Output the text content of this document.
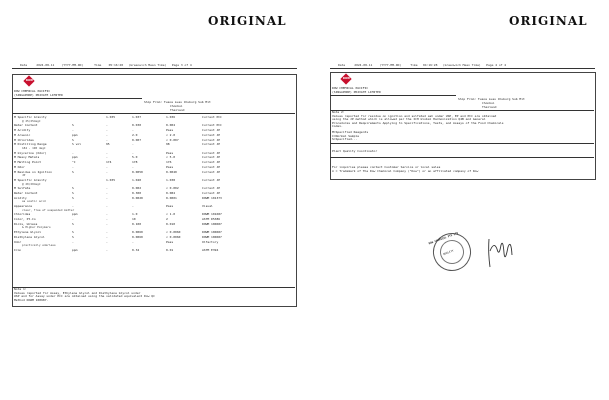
ORIGINAL
Date	2024-08-11 (YYYY-MM-DD)	Time 05:16:28 (Greenwich Mean Time) Page 3 of 4
DOW
DOW CHEMICAL PACIFIC
(SINGAPORE) PRIVATE LIMITED
Ship From: Tuaoa Luau Chuburg Sub Mit
Chonbui
Thailand
M Specific Gravity	1.035	1.037	1.036	Current PCC
@ 25/25degC
Water Content	%	-	0.030	0.004	Current PCC
M Acidity	-	-	-	Pass	Current JP
M Arsenic	ppm	-	2.0	< 2.0	Current JP
M Chlorides	%	-	0.007	< 0.007	Current JP
M Distilling Range	% vol	95	-	98	Current JP
184 - 190 degC
M Glycerine (Odor)	-	-	-	Pass	Current JP
M Heavy Metals	ppm	-	5.0	< 5.0	Current JP
M Melting Point	°C	174	178	176	Current JP
M Odor	-	-	-	Pass	Current JP
M Residue on Ignition	%	-	0.0050	0.0040	Current JP
JP
M Specific Gravity	1.035	1.040	1.038	Current JP
@ 20/20degC
M Sulfate	%	-	0.002	< 0.002	Current JP
Water Content	%	-	0.300	0.084	Current JP
Acidity	%	-	0.0020	0.0001	DOWM 101373
as acetic acid
Appearance	-	-	-	Pass	Visual
clear, free of suspended matter
Chlorides	ppm	-	1.0	< 1.0	DOWM 101687
Color, Pt-Co	-	-	10	2	ASTM D5386
Diols, Unless	%	-	0.100	0.010	DOWM 100687
& Higher Polymers
Ethylene Glycol	%	-	0.0060	< 0.0060	DOWM 100687
Diethylene Glycol	%	-	0.0060	< 0.0060	DOWM 100687
Odor	-	-	-	Pass	Olfactory
practically odorless
Iron	ppm	-	0.34	0.01	ASTM E394
Note 1:
Values reported for Assay, Ethylene Glycol and Diethylene Glycol under
USP and for Assay under PCC are obtained using the validated equivalent Dow QC
Method DOWM 100687.
ORIGINAL
Date	2024-08-11 (YYYY-MM-DD)	Time 04:16:28 (Greenwich Mean Time) Page 4 of 4
DOW
DOW CHEMICAL PACIFIC
(SINGAPORE) PRIVATE LIMITED
Ship From: Tuaoa Luau Chuburg Sub Mit
Chonbui
Thailand
Note 2:
Values reported for residue on ignition and sulfated ash under USP, EP and PCC are obtained
using the JP method which is allowed per the ICH Global Harmonization Q4B and General
Procedures and Requirements Applying to Specifications, Tests, and Assays of the Food Chemicals
Codex.
M=Specified Reagents
C=Normal Sample
S=Specified...
Plant Quality Coordinator
For inquiries please contact Customer Service or local sales
® = Trademark of The Dow Chemical Company ("Dow") or an affiliated company of Dow
DOW CHEMICAL PTE LTD
QUALITY
